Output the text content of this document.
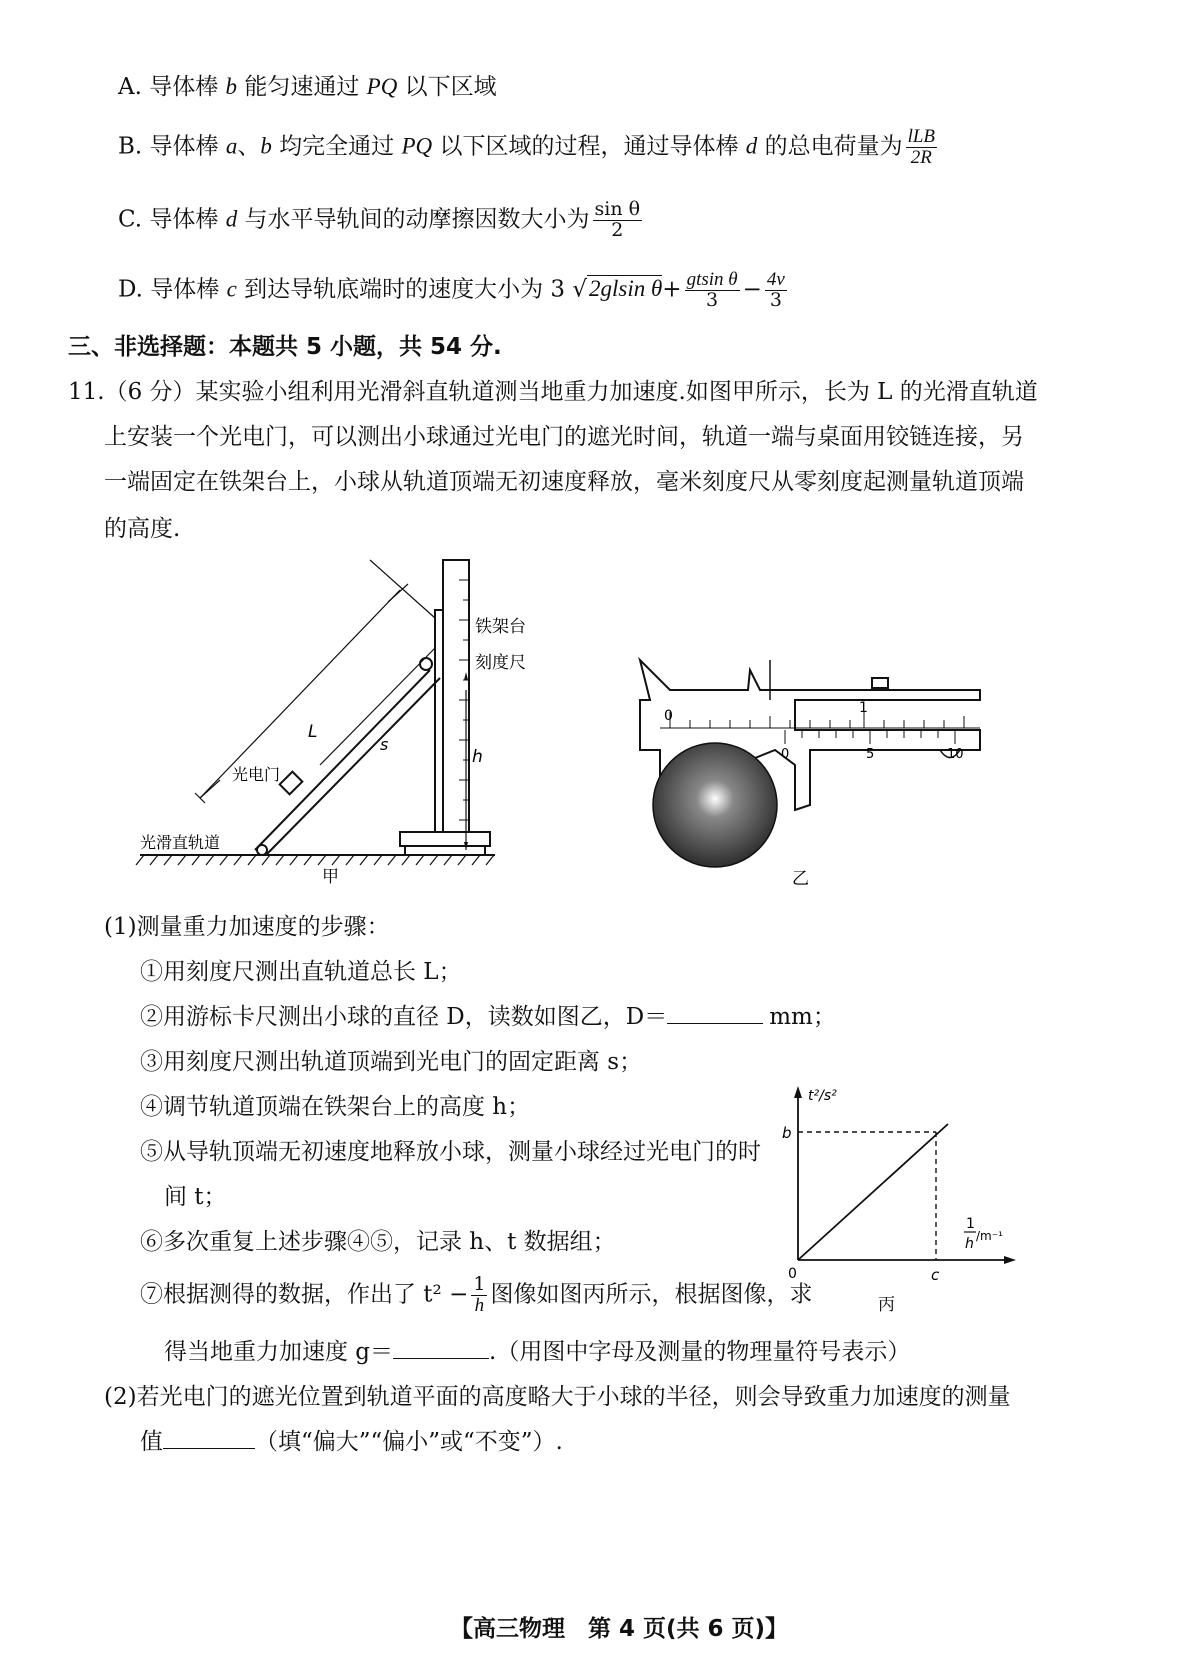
A. 导体棒 b 能匀速通过 PQ 以下区域
B. 导体棒 a、b 均完全通过 PQ 以下区域的过程，通过导体棒 d 的总电荷量为 $\frac{\text{lLB}}{2R}$
C. 导体棒 d 与水平导轨间的动摩擦因数大小为 $\frac{\text{sin θ}}{2}$
D. 导体棒 c 到达导轨底端时的速度大小为 3 √2glsin $\theta+ \frac{\text{gtsin θ}}{3} - \frac{4v}{3}$
三、非选择题：本题共 5 小题，共 54 分.
11.（6 分）某实验小组利用光滑斜直轨道测当地重力加速度.如图甲所示，长为 L 的光滑直轨道
上安装一个光电门，可以测出小球通过光电门的遮光时间，轨道一端与桌面用铰链连接，另
一端固定在铁架台上，小球从轨道顶端无初速度释放，毫米刻度尺从零刻度起测量轨道顶端
的高度.
铁架台
刻度尺
L
s
h
光电门
光滑直轨道
甲
0	1
0	5	10
乙
(1)测量重力加速度的步骤：
①用刻度尺测出直轨道总长 L；
②用游标卡尺测出小球的直径 D，读数如图乙，D＝	mm；
③用刻度尺测出轨道顶端到光电门的固定距离 s；
④调节轨道顶端在铁架台上的高度 h；
⑤从导轨顶端无初速度地释放小球，测量小球经过光电门的时
间 t；
⑥多次重复上述步骤④⑤，记录 h、t 数据组；
⑦根据测得的数据，作出了 $t^2 - \frac{1}{h}$ 图像如图丙所示，根据图像，求
得当地重力加速度 g＝	.（用图中字母及测量的物理量符号表示）
t²/s²
b
c
0
1
h /m⁻¹
丙
(2)若光电门的遮光位置到轨道平面的高度略大于小球的半径，则会导致重力加速度的测量
值	（填“偏大”“偏小”或“不变”）.
【高三物理　第 4 页(共 6 页)】
